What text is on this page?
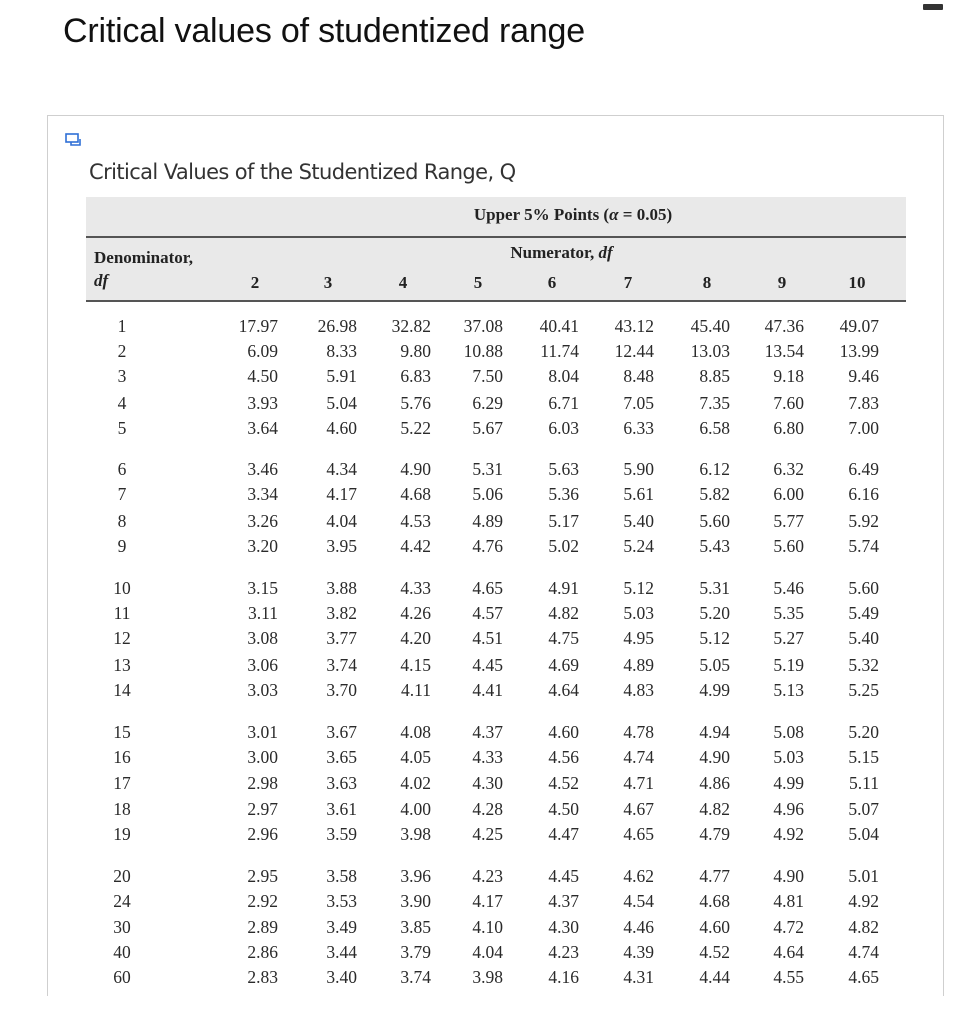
Critical values of studentized range
Critical Values of the Studentized Range, Q
Upper 5% Points (α = 0.05)
Numerator, df
Denominator,
df	2	3	4	5	6	7	8	9	10
1	17.97	26.98	32.82	37.08	40.41	43.12	45.40	47.36	49.07
2	6.09	8.33	9.80	10.88	11.74	12.44	13.03	13.54	13.99
3	4.50	5.91	6.83	7.50	8.04	8.48	8.85	9.18	9.46
4	3.93	5.04	5.76	6.29	6.71	7.05	7.35	7.60	7.83
5	3.64	4.60	5.22	5.67	6.03	6.33	6.58	6.80	7.00
6	3.46	4.34	4.90	5.31	5.63	5.90	6.12	6.32	6.49
7	3.34	4.17	4.68	5.06	5.36	5.61	5.82	6.00	6.16
8	3.26	4.04	4.53	4.89	5.17	5.40	5.60	5.77	5.92
9	3.20	3.95	4.42	4.76	5.02	5.24	5.43	5.60	5.74
10	3.15	3.88	4.33	4.65	4.91	5.12	5.31	5.46	5.60
11	3.11	3.82	4.26	4.57	4.82	5.03	5.20	5.35	5.49
12	3.08	3.77	4.20	4.51	4.75	4.95	5.12	5.27	5.40
13	3.06	3.74	4.15	4.45	4.69	4.89	5.05	5.19	5.32
14	3.03	3.70	4.11	4.41	4.64	4.83	4.99	5.13	5.25
15	3.01	3.67	4.08	4.37	4.60	4.78	4.94	5.08	5.20
16	3.00	3.65	4.05	4.33	4.56	4.74	4.90	5.03	5.15
17	2.98	3.63	4.02	4.30	4.52	4.71	4.86	4.99	5.11
18	2.97	3.61	4.00	4.28	4.50	4.67	4.82	4.96	5.07
19	2.96	3.59	3.98	4.25	4.47	4.65	4.79	4.92	5.04
20	2.95	3.58	3.96	4.23	4.45	4.62	4.77	4.90	5.01
24	2.92	3.53	3.90	4.17	4.37	4.54	4.68	4.81	4.92
30	2.89	3.49	3.85	4.10	4.30	4.46	4.60	4.72	4.82
40	2.86	3.44	3.79	4.04	4.23	4.39	4.52	4.64	4.74
60	2.83	3.40	3.74	3.98	4.16	4.31	4.44	4.55	4.65
